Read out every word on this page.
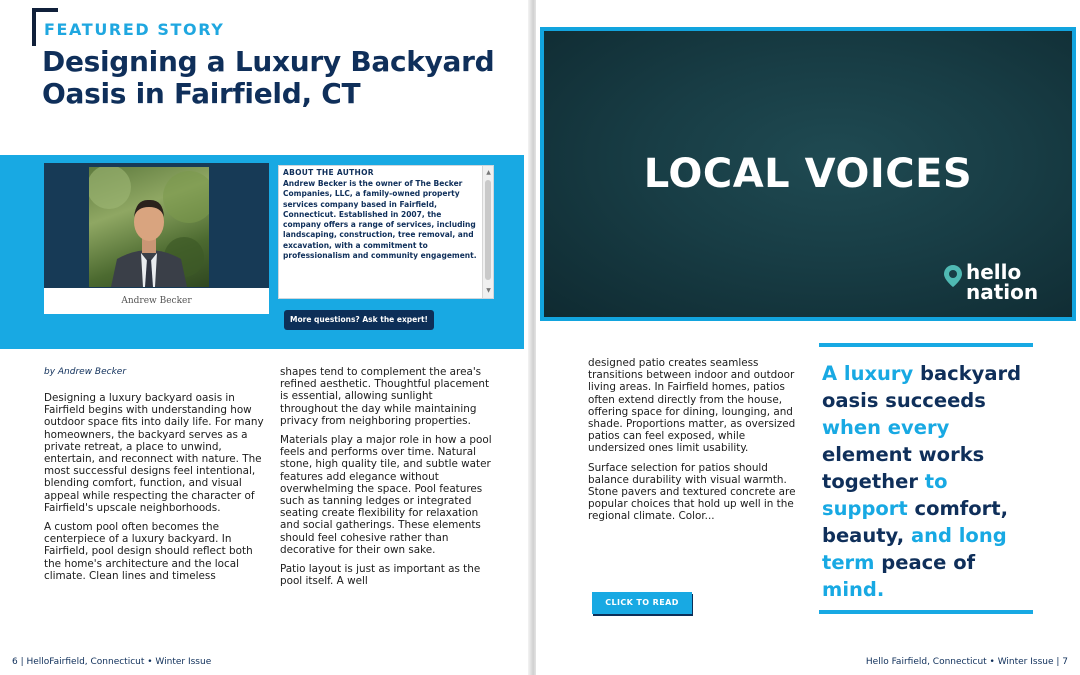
FEATURED STORY
Designing a Luxury Backyard Oasis in Fairfield, CT
Andrew Becker
ABOUT THE AUTHOR
Andrew Becker is the owner of The Becker Companies, LLC, a family-owned property services company based in Fairfield, Connecticut. Established in 2007, the company offers a range of services, including landscaping, construction, tree removal, and excavation, with a commitment to professionalism and community engagement.
▲
▼
More questions? Ask the expert!
by Andrew Becker

Designing a luxury backyard oasis in Fairfield begins with understanding how outdoor space fits into daily life. For many homeowners, the backyard serves as a private retreat, a place to unwind, entertain, and reconnect with nature. The most successful designs feel intentional, blending comfort, function, and visual appeal while respecting the character of Fairfield's upscale neighborhoods.

A custom pool often becomes the centerpiece of a luxury backyard. In Fairfield, pool design should reflect both the home's architecture and the local climate. Clean lines and timeless

shapes tend to complement the area's refined aesthetic. Thoughtful placement is essential, allowing sunlight throughout the day while maintaining privacy from neighboring properties.

Materials play a major role in how a pool feels and performs over time. Natural stone, high quality tile, and subtle water features add elegance without overwhelming the space. Pool features such as tanning ledges or integrated seating create flexibility for relaxation and social gatherings. These elements should feel cohesive rather than decorative for their own sake.

Patio layout is just as important as the pool itself. A well

6 | HelloFairfield, Connecticut • Winter Issue
LOCAL VOICES
hello
nation

designed patio creates seamless transitions between indoor and outdoor living areas. In Fairfield homes, patios often extend directly from the house, offering space for dining, lounging, and shade. Proportions matter, as oversized patios can feel exposed, while undersized ones limit usability.

Surface selection for patios should balance durability with visual warmth. Stone pavers and textured concrete are popular choices that hold up well in the regional climate. Color...

CLICK TO READ
A luxury backyard oasis succeeds when every element works together to support comfort, beauty, and long term peace of mind.
Hello Fairfield, Connecticut • Winter Issue | 7
